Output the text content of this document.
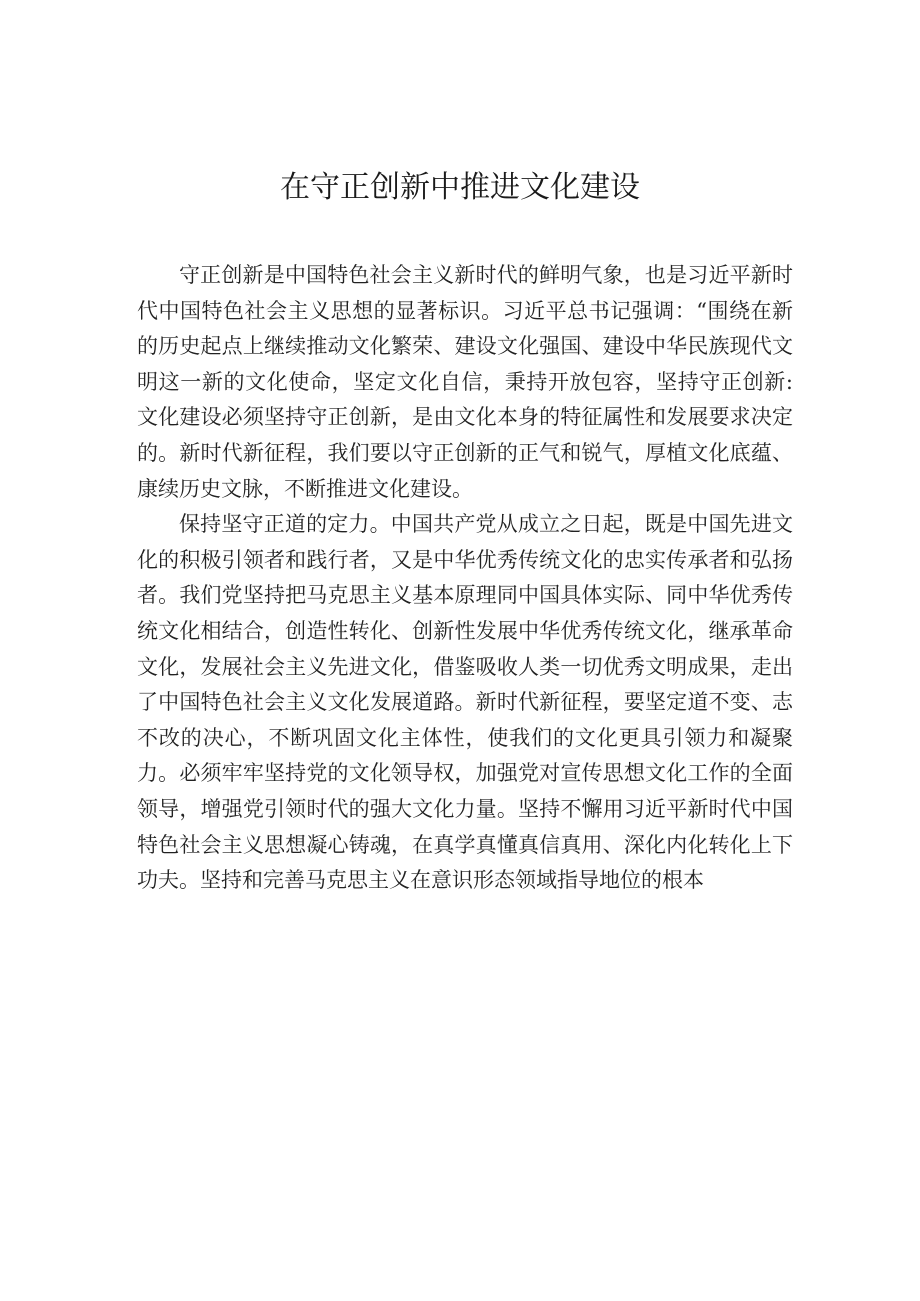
在守正创新中推进文化建设

守正创新是中国特色社会主义新时代的鲜明气象，也是习近平新时代中国特色社会主义思想的显著标识。习近平总书记强调：“围绕在新的历史起点上继续推动文化繁荣、建设文化强国、建设中华民族现代文明这一新的文化使命，坚定文化自信，秉持开放包容，坚持守正创新:文化建设必须坚持守正创新，是由文化本身的特征属性和发展要求决定的。新时代新征程，我们要以守正创新的正气和锐气，厚植文化底蕴、康续历史文脉，不断推进文化建设。

保持坚守正道的定力。中国共产党从成立之日起，既是中国先进文化的积极引领者和践行者，又是中华优秀传统文化的忠实传承者和弘扬者。我们党坚持把马克思主义基本原理同中国具体实际、同中华优秀传统文化相结合，创造性转化、创新性发展中华优秀传统文化，继承革命文化，发展社会主义先进文化，借鉴吸收人类一切优秀文明成果，走出了中国特色社会主义文化发展道路。新时代新征程，要坚定道不变、志不改的决心，不断巩固文化主体性，使我们的文化更具引领力和凝聚力。必须牢牢坚持党的文化领导权，加强党对宣传思想文化工作的全面领导，增强党引领时代的强大文化力量。坚持不懈用习近平新时代中国特色社会主义思想凝心铸魂，在真学真懂真信真用、深化内化转化上下功夫。坚持和完善马克思主义在意识形态领域指导地位的根本
